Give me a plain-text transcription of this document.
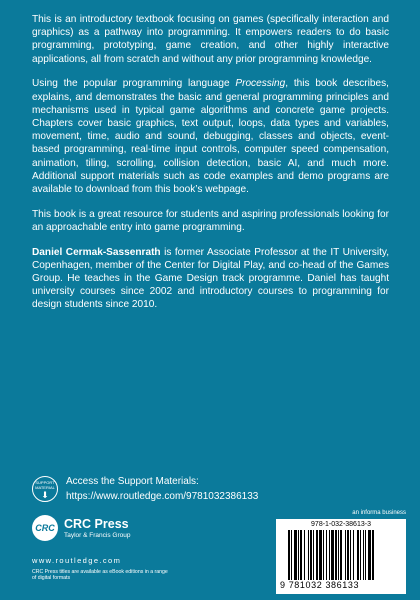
This is an introductory textbook focusing on games (specifically interaction and graphics) as a pathway into programming. It empowers readers to do basic programming, prototyping, game creation, and other highly interactive applications, all from scratch and without any prior programming knowledge.

Using the popular programming language Processing, this book describes, explains, and demonstrates the basic and general programming principles and mechanisms used in typical game algorithms and concrete game projects. Chapters cover basic graphics, text output, loops, data types and variables, movement, time, audio and sound, debugging, classes and objects, event-based programming, real-time input controls, computer speed compensation, animation, tiling, scrolling, collision detection, basic AI, and much more. Additional support materials such as code examples and demo programs are available to download from this book’s webpage.

This book is a great resource for students and aspiring professionals looking for an approachable entry into game programming.

Daniel Cermak-Sassenrath is former Associate Professor at the IT University, Copenhagen, member of the Center for Digital Play, and co-head of the Games Group. He teaches in the Game Design track programme. Daniel has taught university courses since 2002 and introductory courses to programming for design students since 2010.

SUPPORT MATERIAL
⬇
Access the Support Materials:
https://www.routledge.com/9781032386133
CRC CRC Press
Taylor & Francis Group
www.routledge.com
CRC Press titles are available as eBook editions in a range of digital formats
an informa business
978-1-032-38613-3
9 781032 386133
